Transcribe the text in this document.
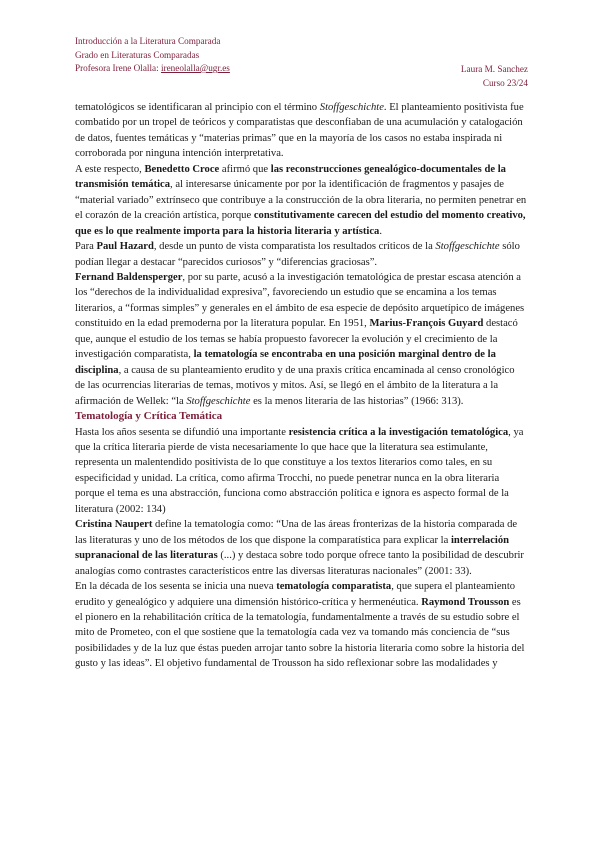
Introducción a la Literatura Comparada
Grado en Literaturas Comparadas
Profesora Irene Olalla: ireneolalla@ugr.es	Laura M. Sanchez
Curso 23/24

tematológicos se identificaran al principio con el término Stoffgeschichte. El planteamiento positivista fue combatido por un tropel de teóricos y comparatistas que desconfiaban de una acumulación y catalogación de datos, fuentes temáticas y “materias primas” que en la mayoría de los casos no estaba inspirada ni corroborada por ninguna intención interpretativa.

A este respecto, Benedetto Croce afirmó que las reconstrucciones genealógico-documentales de la transmisión temática, al interesarse únicamente por por la identificación de fragmentos y pasajes de “material variado” extrínseco que contribuye a la construcción de la obra literaria, no permiten penetrar en el corazón de la creación artística, porque constitutivamente carecen del estudio del momento creativo, que es lo que realmente importa para la historia literaria y artística.

Para Paul Hazard, desde un punto de vista comparatista los resultados críticos de la Stoffgeschichte sólo podían llegar a destacar “parecidos curiosos” y “diferencias graciosas”.

Fernand Baldensperger, por su parte, acusó a la investigación tematológica de prestar escasa atención a los “derechos de la individualidad expresiva”, favoreciendo un estudio que se encamina a los temas literarios, a “formas simples” y generales en el ámbito de esa especie de depósito arquetípico de imágenes constituido en la edad premoderna por la literatura popular. En 1951, Marius-François Guyard destacó que, aunque el estudio de los temas se había propuesto favorecer la evolución y el crecimiento de la investigación comparatista, la tematología se encontraba en una posición marginal dentro de la disciplina, a causa de su planteamiento erudito y de una praxis crítica encaminada al censo cronológico de las ocurrencias literarias de temas, motivos y mitos. Así, se llegó en el ámbito de la literatura a la afirmación de Wellek: “la Stoffgeschichte es la menos literaria de las historias” (1966: 313).

Tematología y Crítica Temática

Hasta los años sesenta se difundió una importante resistencia crítica a la investigación tematológica, ya que la crítica literaria pierde de vista necesariamente lo que hace que la literatura sea estimulante, representa un malentendido positivista de lo que constituye a los textos literarios como tales, en su especificidad y unidad. La crítica, como afirma Trocchi, no puede penetrar nunca en la obra literaria porque el tema es una abstracción, funciona como abstracción política e ignora es aspecto formal de la literatura (2002: 134)

Cristina Naupert define la tematología como: “Una de las áreas fronterizas de la historia comparada de las literaturas y uno de los métodos de los que dispone la comparatística para explicar la interrelación supranacional de las literaturas (...) y destaca sobre todo porque ofrece tanto la posibilidad de descubrir analogías como contrastes característicos entre las diversas literaturas nacionales” (2001: 33).

En la década de los sesenta se inicia una nueva tematología comparatista, que supera el planteamiento erudito y genealógico y adquiere una dimensión histórico-crítica y hermenéutica. Raymond Trousson es el pionero en la rehabilitación crítica de la tematología, fundamentalmente a través de su estudio sobre el mito de Prometeo, con el que sostiene que la tematología cada vez va tomando más conciencia de “sus posibilidades y de la luz que éstas pueden arrojar tanto sobre la historia literaria como sobre la historia del gusto y las ideas”. El objetivo fundamental de Trousson ha sido reflexionar sobre las modalidades y
